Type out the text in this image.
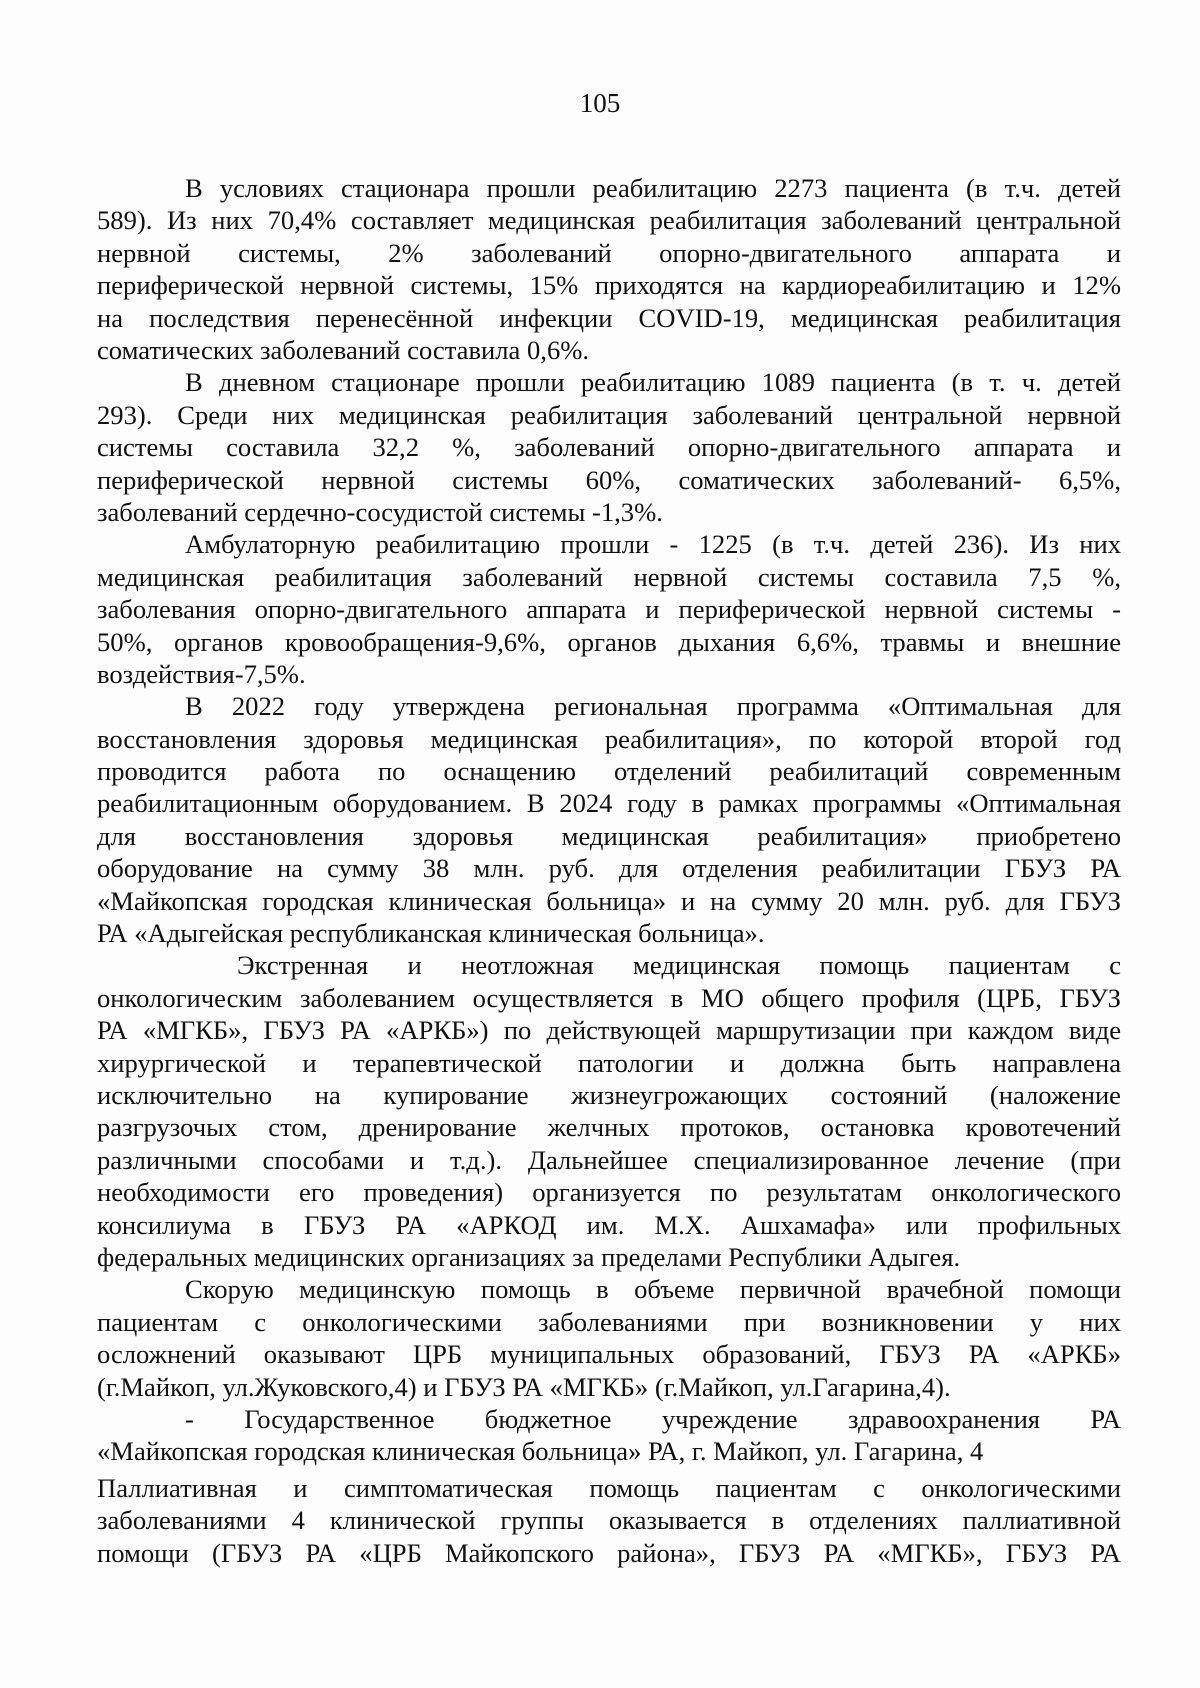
105
В условиях стационара прошли реабилитацию 2273 пациента (в т.ч. детей
589). Из них 70,4% составляет медицинская реабилитация заболеваний центральной
нервной системы, 2% заболеваний опорно-двигательного аппарата и
периферической нервной системы, 15% приходятся на кардиореабилитацию и 12%
на последствия перенесённой инфекции COVID-19, медицинская реабилитация
соматических заболеваний составила 0,6%.
В дневном стационаре прошли реабилитацию 1089 пациента (в т. ч. детей
293). Среди них медицинская реабилитация заболеваний центральной нервной
системы составила 32,2 %, заболеваний опорно-двигательного аппарата и
периферической нервной системы 60%, соматических заболеваний- 6,5%,
заболеваний сердечно-сосудистой системы -1,3%.
Амбулаторную реабилитацию прошли - 1225 (в т.ч. детей 236). Из них
медицинская реабилитация заболеваний нервной системы составила 7,5 %,
заболевания опорно-двигательного аппарата и периферической нервной системы -
50%, органов кровообращения-9,6%, органов дыхания 6,6%, травмы и внешние
воздействия-7,5%.
В 2022 году утверждена региональная программа «Оптимальная для
восстановления здоровья медицинская реабилитация», по которой второй год
проводится работа по оснащению отделений реабилитаций современным
реабилитационным оборудованием. В 2024 году в рамках программы «Оптимальная
для восстановления здоровья медицинская реабилитация» приобретено
оборудование на сумму 38 млн. руб. для отделения реабилитации ГБУЗ РА
«Майкопская городская клиническая больница» и на сумму 20 млн. руб. для ГБУЗ
РА «Адыгейская республиканская клиническая больница».
Экстренная и неотложная медицинская помощь пациентам с
онкологическим заболеванием осуществляется в МО общего профиля (ЦРБ, ГБУЗ
РА «МГКБ», ГБУЗ РА «АРКБ») по действующей маршрутизации при каждом виде
хирургической и терапевтической патологии и должна быть направлена
исключительно на купирование жизнеугрожающих состояний (наложение
разгрузочых стом, дренирование желчных протоков, остановка кровотечений
различными способами и т.д.). Дальнейшее специализированное лечение (при
необходимости его проведения) организуется по результатам онкологического
консилиума в ГБУЗ РА «АРКОД им. М.Х. Ашхамафа» или профильных
федеральных медицинских организациях за пределами Республики Адыгея.
Скорую медицинскую помощь в объеме первичной врачебной помощи
пациентам с онкологическими заболеваниями при возникновении у них
осложнений оказывают ЦРБ муниципальных образований, ГБУЗ РА «АРКБ»
(г.Майкоп, ул.Жуковского,4) и ГБУЗ РА «МГКБ» (г.Майкоп, ул.Гагарина,4).
- Государственное бюджетное учреждение здравоохранения РА
«Майкопская городская клиническая больница» РА, г. Майкоп, ул. Гагарина, 4
Паллиативная и симптоматическая помощь пациентам с онкологическими
заболеваниями 4 клинической группы оказывается в отделениях паллиативной
помощи (ГБУЗ РА «ЦРБ Майкопского района», ГБУЗ РА «МГКБ», ГБУЗ РА
